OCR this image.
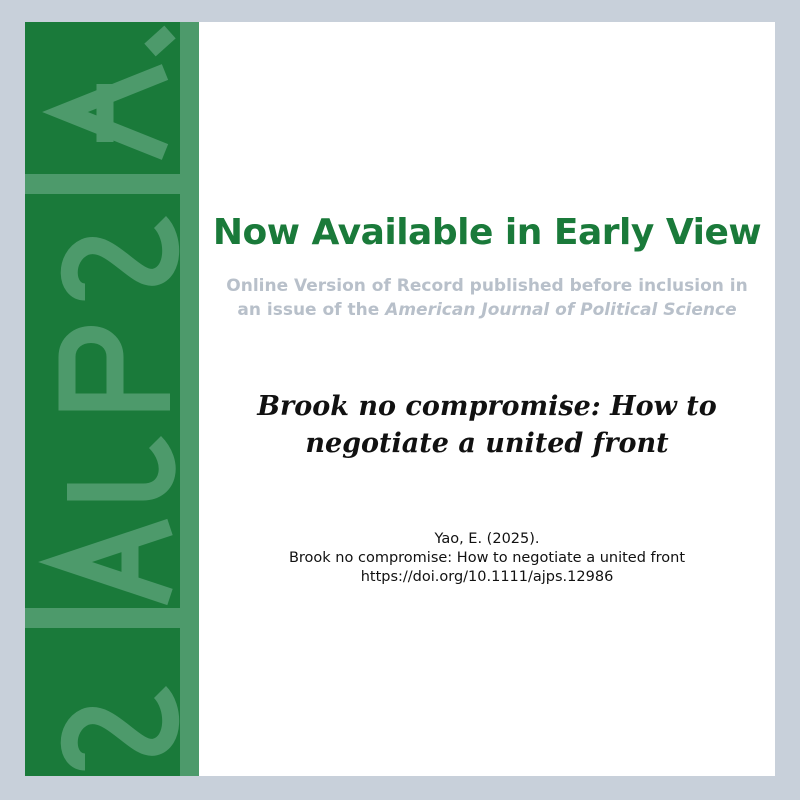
Now Available in Early View
Online Version of Record published before inclusion in an issue of the American Journal of Political Science
Brook no compromise: How to negotiate a united front
Yao, E. (2025).
Brook no compromise: How to negotiate a united front
https://doi.org/10.1111/ajps.12986
